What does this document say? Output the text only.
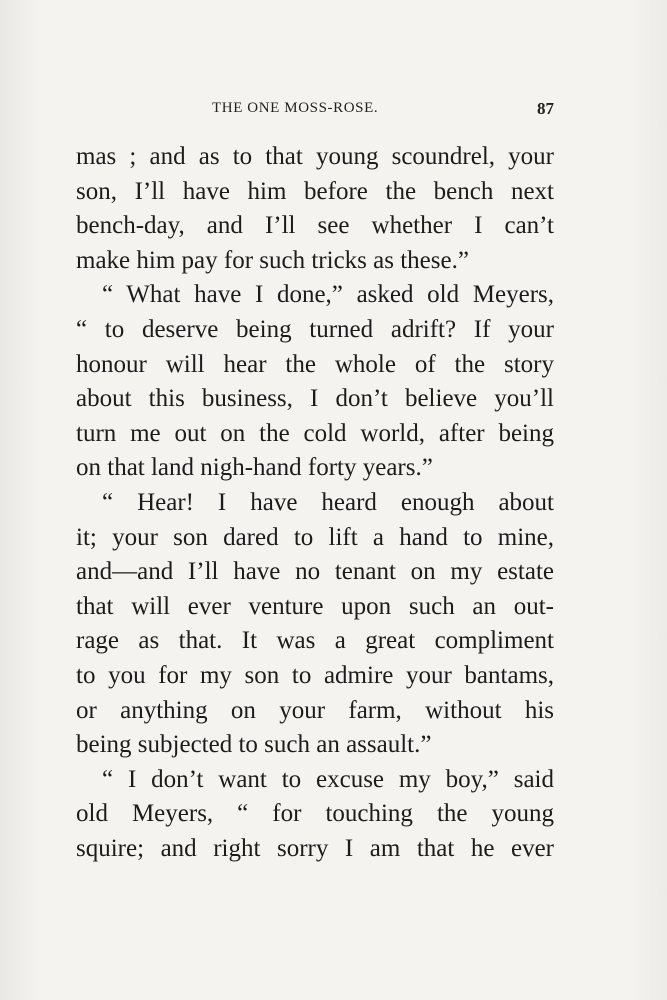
THE ONE MOSS-ROSE.	87
mas ; and as to that young scoundrel, your
son, I’ll have him before the bench next
bench-day, and I’ll see whether I can’t
make him pay for such tricks as these.”
“ What have I done,” asked old Meyers,
“ to deserve being turned adrift? If your
honour will hear the whole of the story
about this business, I don’t believe you’ll
turn me out on the cold world, after being
on that land nigh-hand forty years.”
“ Hear! I have heard enough about
it; your son dared to lift a hand to mine,
and—and I’ll have no tenant on my estate
that will ever venture upon such an out-
rage as that. It was a great compliment
to you for my son to admire your bantams,
or anything on your farm, without his
being subjected to such an assault.”
“ I don’t want to excuse my boy,” said
old Meyers, “ for touching the young
squire; and right sorry I am that he ever
